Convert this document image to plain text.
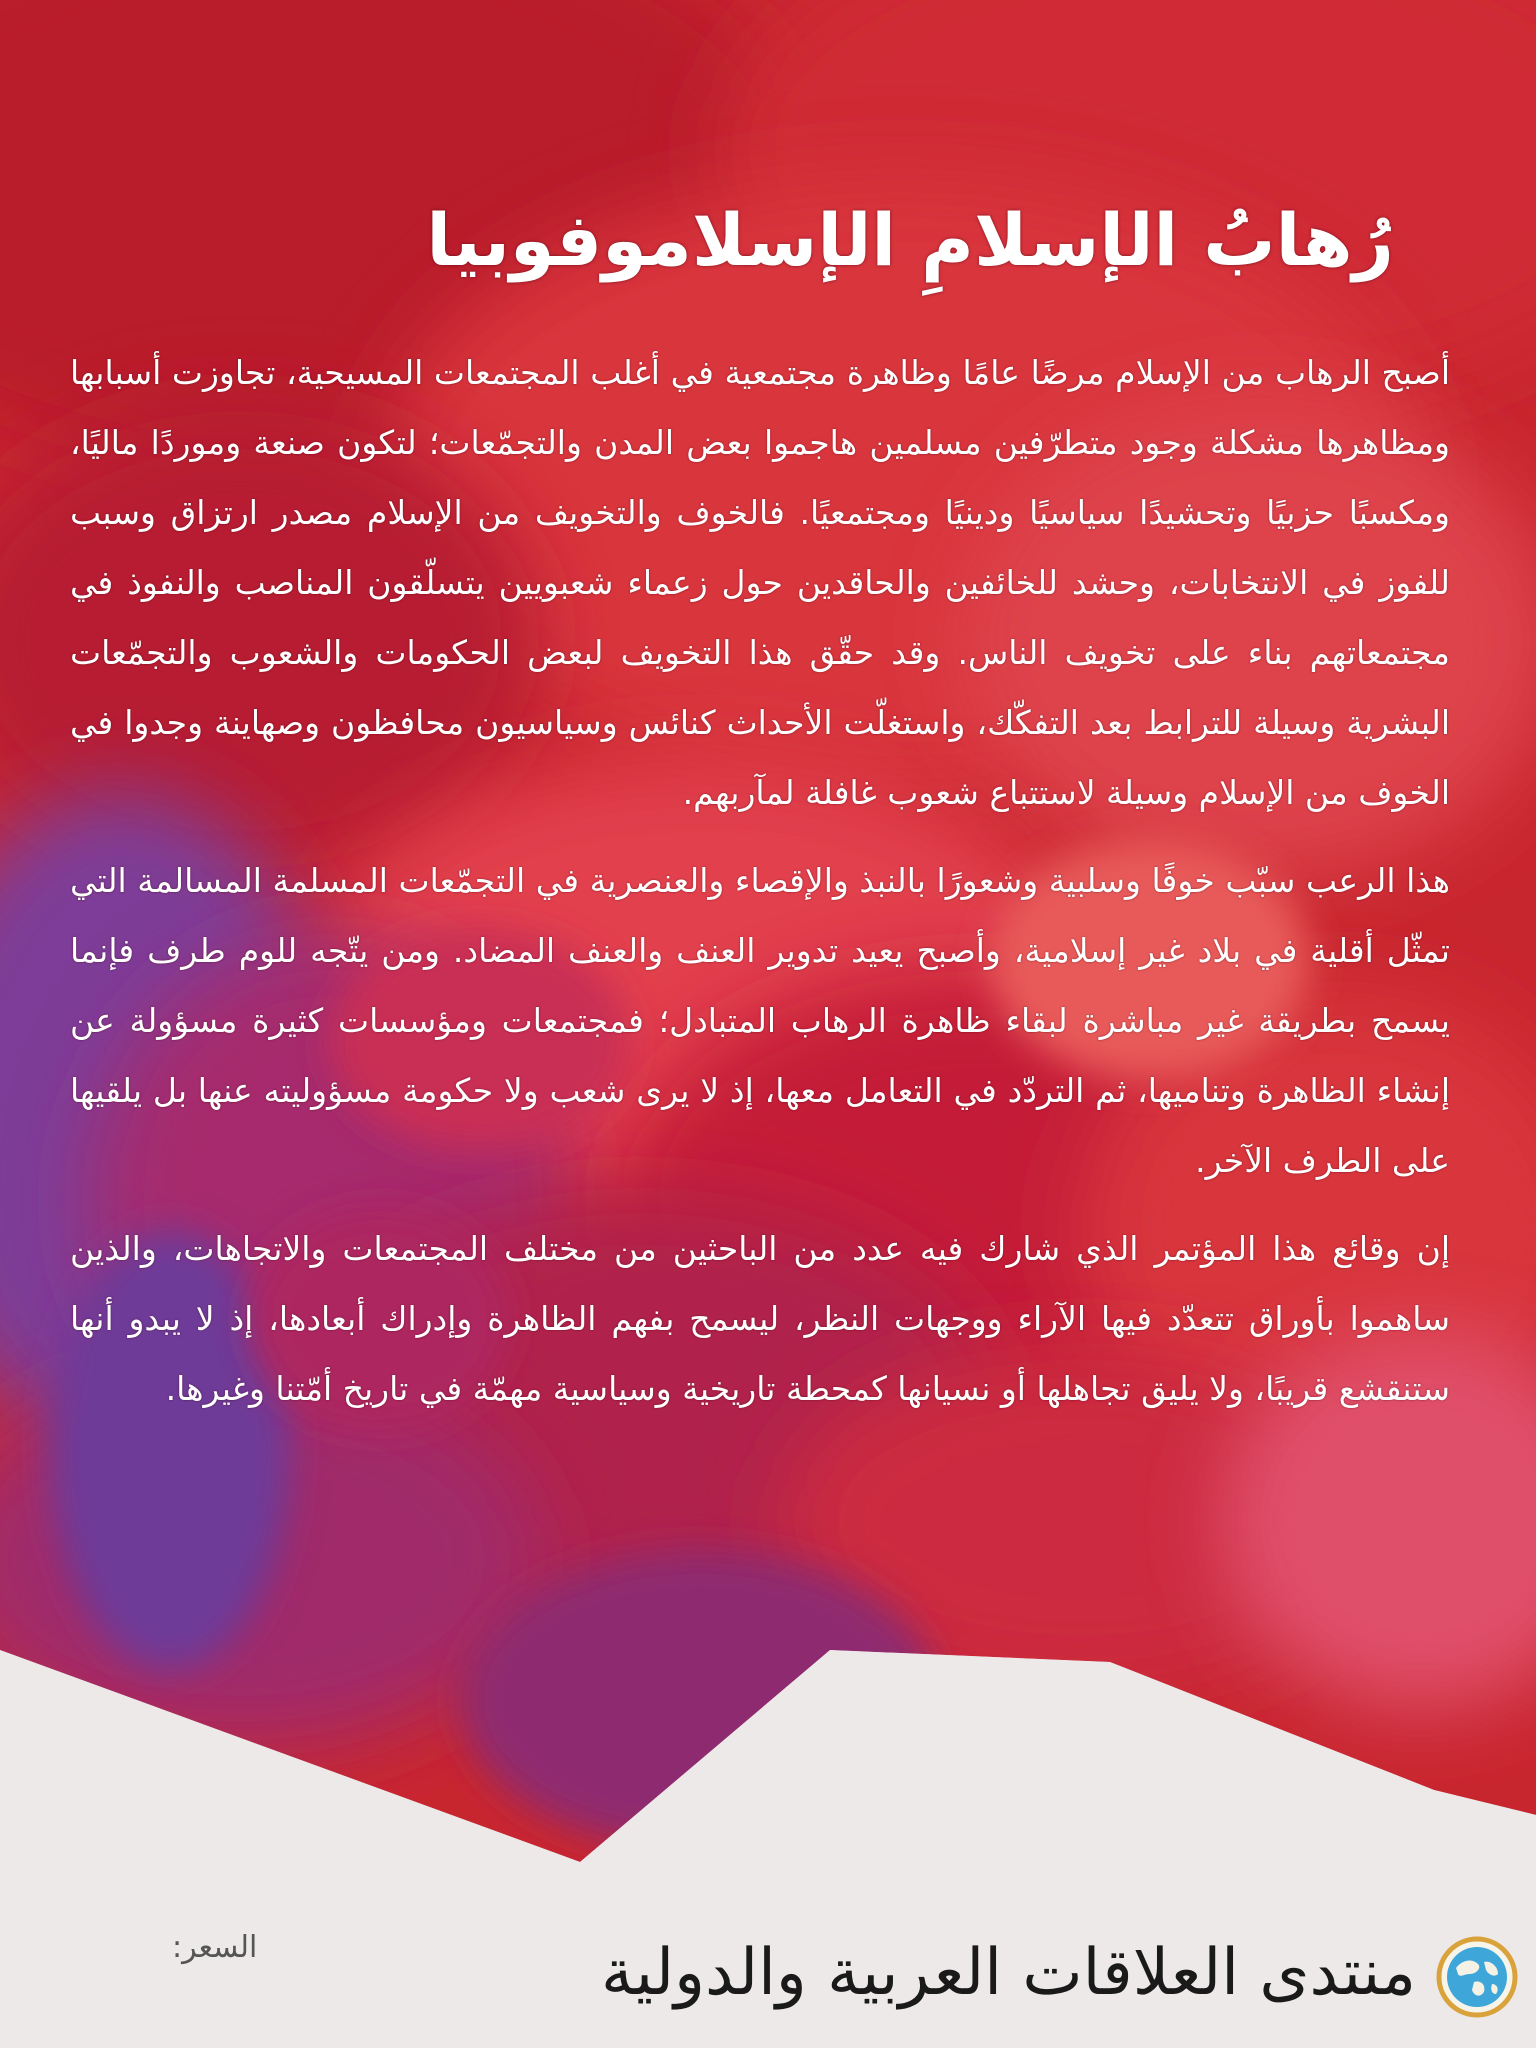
رُهابُ الإسلامِ الإسلاموفوبيا

أصبح الرهاب من الإسلام مرضًا عامًا وظاهرة مجتمعية في أغلب المجتمعات المسيحية، تجاوزت أسبابها ومظاهرها مشكلة وجود متطرّفين مسلمين هاجموا بعض المدن والتجمّعات؛ لتكون صنعة وموردًا ماليًا، ومكسبًا حزبيًا وتحشيدًا سياسيًا ودينيًا ومجتمعيًا. فالخوف والتخويف من الإسلام مصدر ارتزاق وسبب للفوز في الانتخابات، وحشد للخائفين والحاقدين حول زعماء شعبويين يتسلّقون المناصب والنفوذ في مجتمعاتهم بناء على تخويف الناس. وقد حقّق هذا التخويف لبعض الحكومات والشعوب والتجمّعات البشرية وسيلة للترابط بعد التفكّك، واستغلّت الأحداث كنائس وسياسيون محافظون وصهاينة وجدوا في الخوف من الإسلام وسيلة لاستتباع شعوب غافلة لمآربهم.

هذا الرعب سبّب خوفًا وسلبية وشعورًا بالنبذ والإقصاء والعنصرية في التجمّعات المسلمة المسالمة التي تمثّل أقلية في بلاد غير إسلامية، وأصبح يعيد تدوير العنف والعنف المضاد. ومن يتّجه للوم طرف فإنما يسمح بطريقة غير مباشرة لبقاء ظاهرة الرهاب المتبادل؛ فمجتمعات ومؤسسات كثيرة مسؤولة عن إنشاء الظاهرة وتناميها، ثم التردّد في التعامل معها، إذ لا يرى شعب ولا حكومة مسؤوليته عنها بل يلقيها على الطرف الآخر.

إن وقائع هذا المؤتمر الذي شارك فيه عدد من الباحثين من مختلف المجتمعات والاتجاهات، والذين ساهموا بأوراق تتعدّد فيها الآراء ووجهات النظر، ليسمح بفهم الظاهرة وإدراك أبعادها، إذ لا يبدو أنها ستنقشع قريبًا، ولا يليق تجاهلها أو نسيانها كمحطة تاريخية وسياسية مهمّة في تاريخ أمّتنا وغيرها.

السعر:	منتدى العلاقات العربية والدولية
